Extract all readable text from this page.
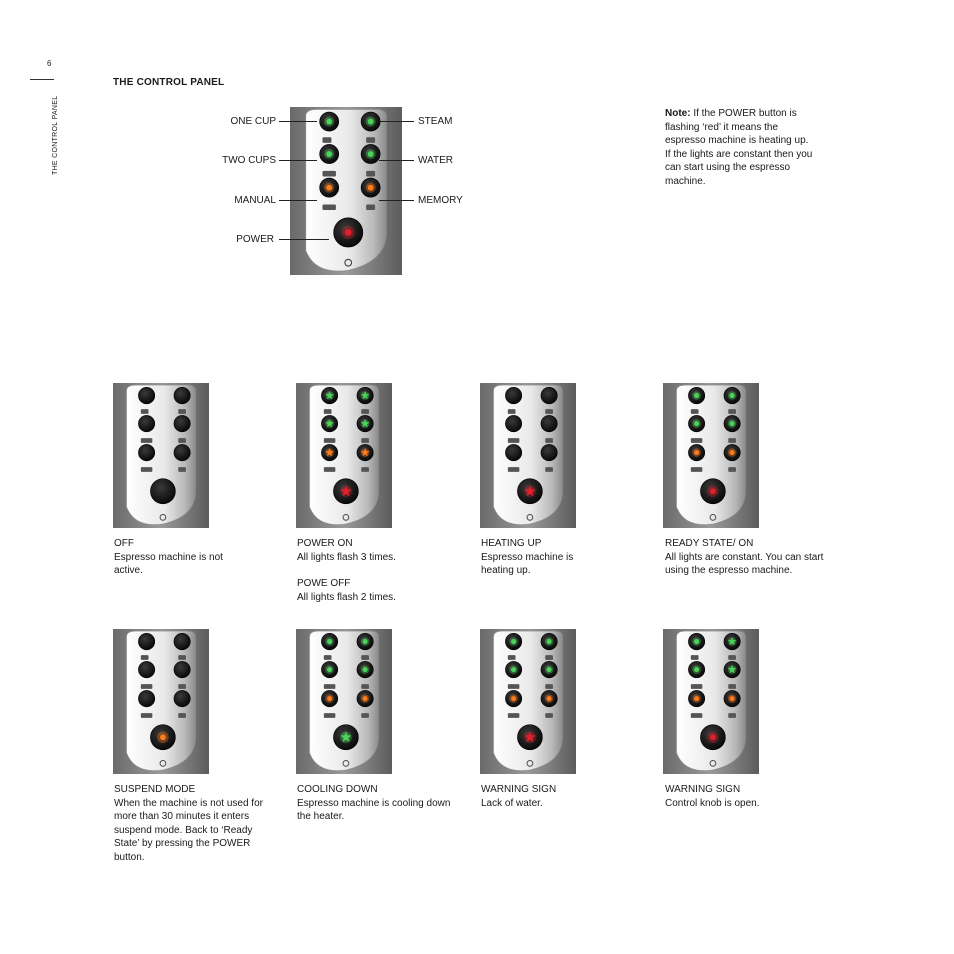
6
THE CONTROL PANEL
THE CONTROL PANEL
Note: If the POWER button is flashing ‘red’ it means the espresso machine is heating up. If the lights are constant then you can start using the espresso machine.
ONE CUP
TWO CUPS
MANUAL
POWER
STEAM
WATER
MEMORY
OFF
Espresso machine is not active.
POWER ON
All lights flash 3 times.
POWE OFF
All lights flash 2 times.
HEATING UP
Espresso machine is heating up.
READY STATE/ ON
All lights are constant. You can start using the espresso machine.
SUSPEND MODE
When the machine is not used for more than 30 minutes it enters suspend mode. Back to ‘Ready State’ by pressing the POWER button.
COOLING DOWN
Espresso machine is cooling down the heater.
WARNING SIGN
Lack of water.
WARNING SIGN
Control knob is open.
